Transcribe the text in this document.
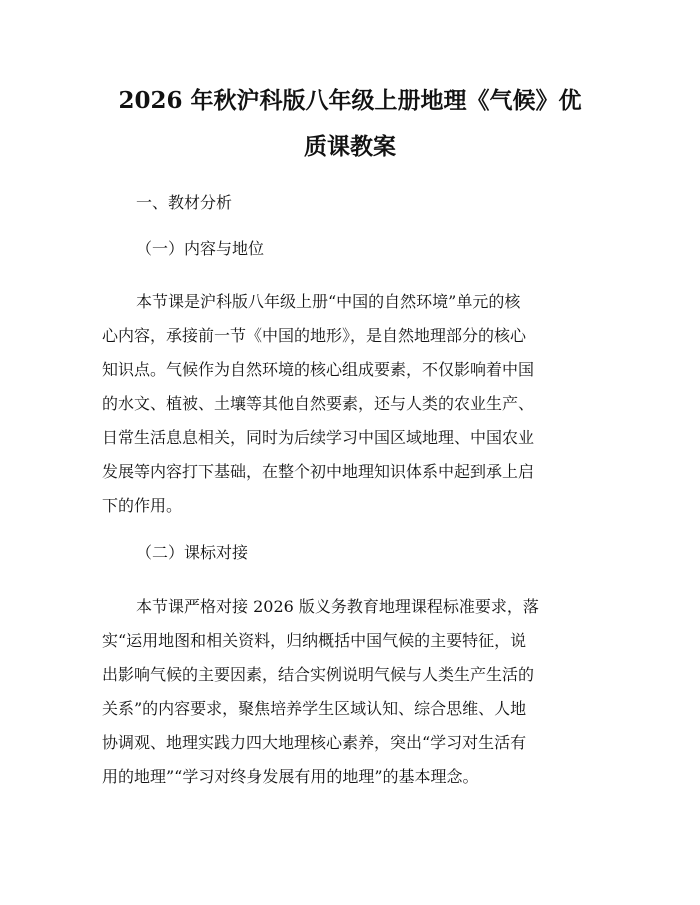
2026 年秋沪科版八年级上册地理《气候》优
质课教案
一、教材分析
（一）内容与地位
本节课是沪科版八年级上册“中国的自然环境”单元的核
心内容，承接前一节《中国的地形》，是自然地理部分的核心
知识点。气候作为自然环境的核心组成要素，不仅影响着中国
的水文、植被、土壤等其他自然要素，还与人类的农业生产、
日常生活息息相关，同时为后续学习中国区域地理、中国农业
发展等内容打下基础，在整个初中地理知识体系中起到承上启
下的作用。
（二）课标对接
本节课严格对接 2026 版义务教育地理课程标准要求，落
实“运用地图和相关资料，归纳概括中国气候的主要特征，说
出影响气候的主要因素，结合实例说明气候与人类生产生活的
关系”的内容要求，聚焦培养学生区域认知、综合思维、人地
协调观、地理实践力四大地理核心素养，突出“学习对生活有
用的地理”“学习对终身发展有用的地理”的基本理念。
